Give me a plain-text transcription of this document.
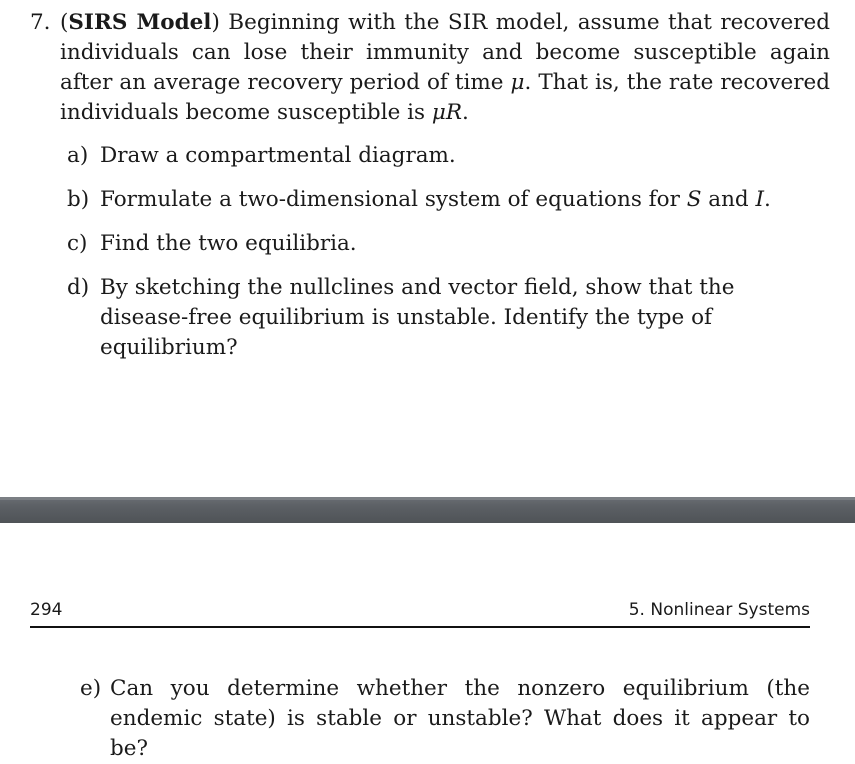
7. (SIRS Model) Beginning with the SIR model, assume that recovered individuals can lose their immunity and become susceptible again after an average recovery period of time μ. That is, the rate recovered individuals become susceptible is μR.
a) Draw a compartmental diagram.
b) Formulate a two-dimensional system of equations for S and I.
c) Find the two equilibria.
d) By sketching the nullclines and vector field, show that the disease-free equilibrium is unstable. Identify the type of equilibrium?
294	5. Nonlinear Systems
e) Can you determine whether the nonzero equilibrium (the endemic state) is stable or unstable? What does it appear to be?
